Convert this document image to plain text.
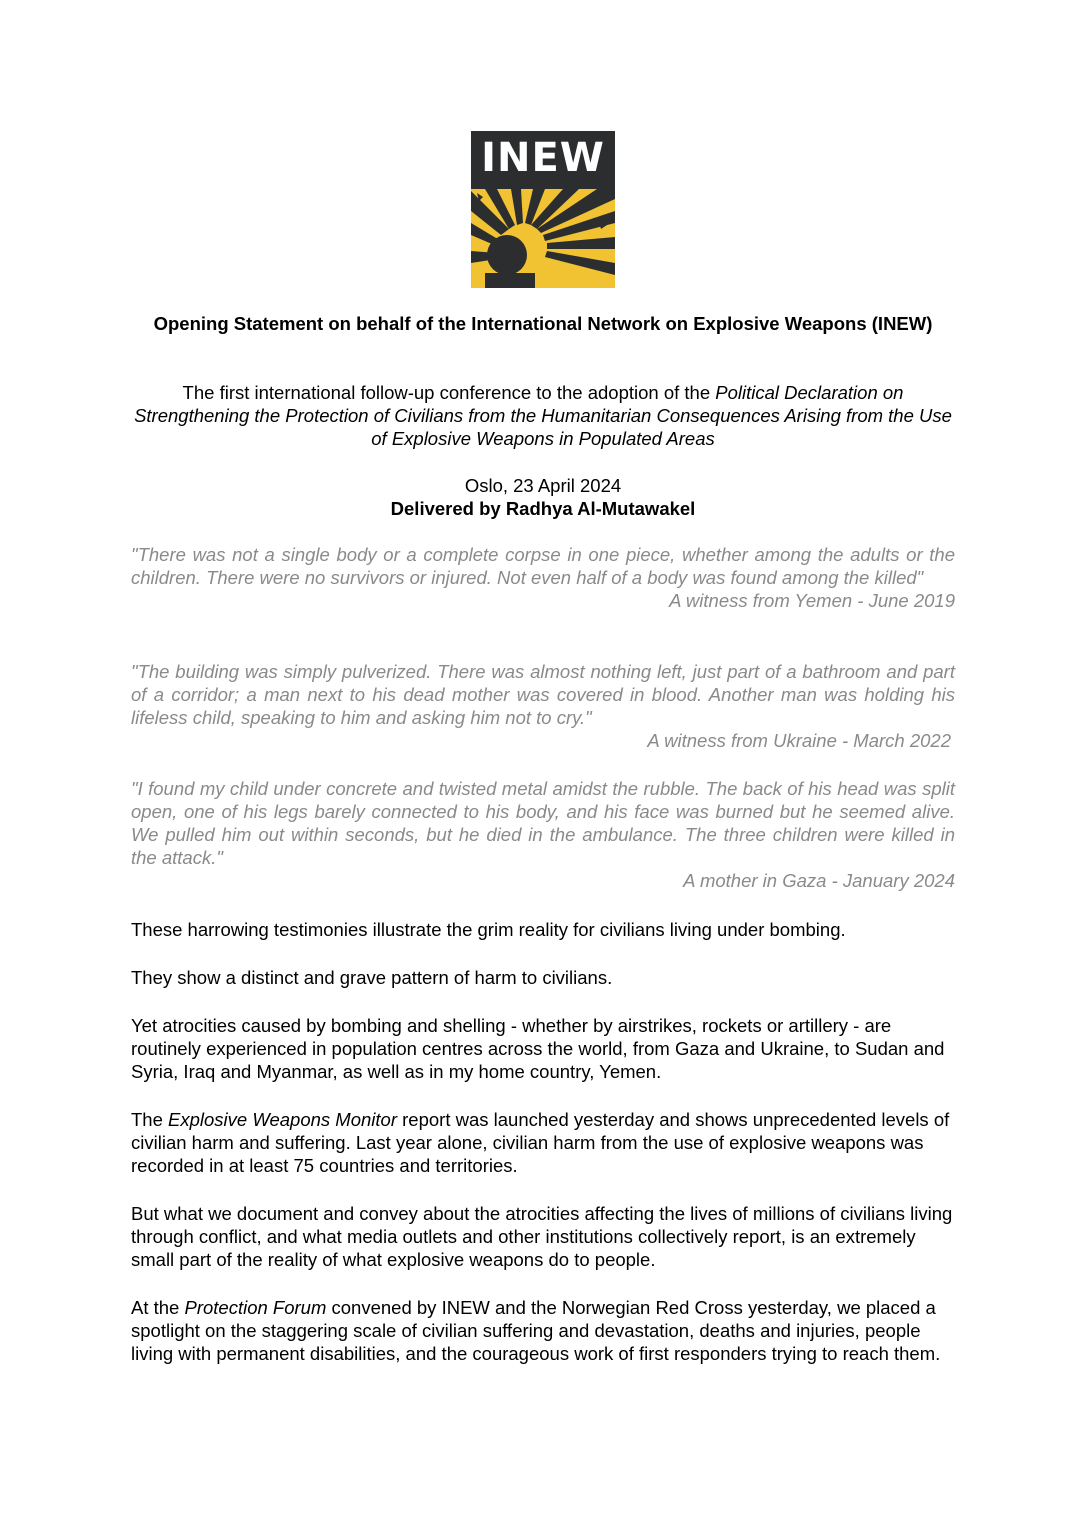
INEW
Opening Statement on behalf of the International Network on Explosive Weapons (INEW)
The first international follow-up conference to the adoption of the Political Declaration on Strengthening the Protection of Civilians from the Humanitarian Consequences Arising from the Use of Explosive Weapons in Populated Areas
Oslo, 23 April 2024
Delivered by Radhya Al-Mutawakel

"There was not a single body or a complete corpse in one piece, whether among the adults or the children. There were no survivors or injured. Not even half of a body was found among the killed"

A witness from Yemen - June 2019

"The building was simply pulverized. There was almost nothing left, just part of a bathroom and part of a corridor; a man next to his dead mother was covered in blood. Another man was holding his lifeless child, speaking to him and asking him not to cry."

A witness from Ukraine - March 2022

"I found my child under concrete and twisted metal amidst the rubble. The back of his head was split open, one of his legs barely connected to his body, and his face was burned but he seemed alive. We pulled him out within seconds, but he died in the ambulance. The three children were killed in the attack."

A mother in Gaza - January 2024

These harrowing testimonies illustrate the grim reality for civilians living under bombing.

They show a distinct and grave pattern of harm to civilians.

Yet atrocities caused by bombing and shelling - whether by airstrikes, rockets or artillery - are routinely experienced in population centres across the world, from Gaza and Ukraine, to Sudan and Syria, Iraq and Myanmar, as well as in my home country, Yemen.

The Explosive Weapons Monitor report was launched yesterday and shows unprecedented levels of civilian harm and suffering. Last year alone, civilian harm from the use of explosive weapons was recorded in at least 75 countries and territories.

But what we document and convey about the atrocities affecting the lives of millions of civilians living through conflict, and what media outlets and other institutions collectively report, is an extremely small part of the reality of what explosive weapons do to people.

At the Protection Forum convened by INEW and the Norwegian Red Cross yesterday, we placed a spotlight on the staggering scale of civilian suffering and devastation, deaths and injuries, people living with permanent disabilities, and the courageous work of first responders trying to reach them.
